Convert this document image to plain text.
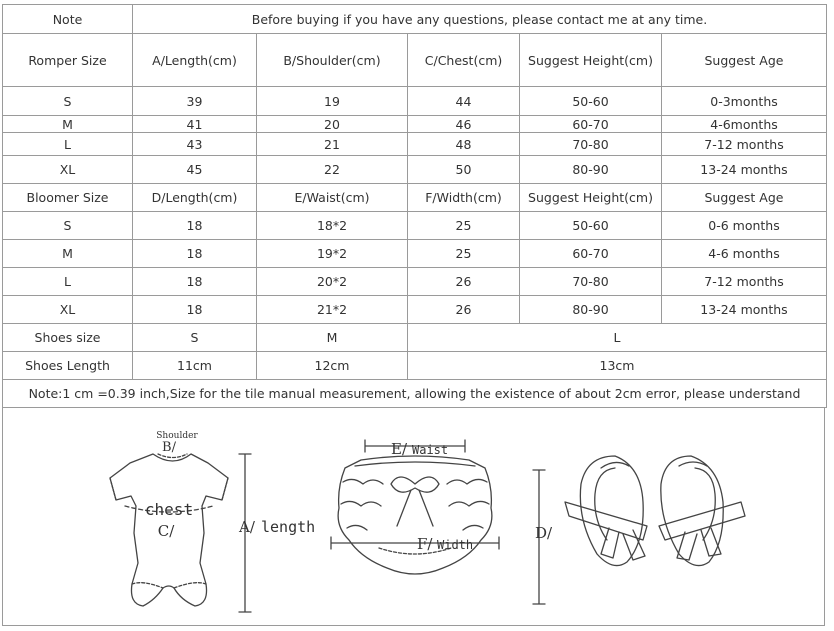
Note	Before buying if you have any questions, please contact me at any time.				
Romper Size	A/Length(cm)	B/Shoulder(cm)	C/Chest(cm)	Suggest Height(cm)	Suggest Age
S	39	19	44	50-60	0-3months
M	41	20	46	60-70	4-6months
L	43	21	48	70-80	7-12 months
XL	45	22	50	80-90	13-24 months
Bloomer Size	D/Length(cm)	E/Waist(cm)	F/Width(cm)	Suggest Height(cm)	Suggest Age
S	18	18*2	25	50-60	0-6 months
M	18	19*2	25	60-70	4-6 months
L	18	20*2	26	70-80	7-12 months
XL	18	21*2	26	80-90	13-24 months
Shoes size	S	M	L		
Shoes Length	11cm	12cm	13cm		
Note:1 cm =0.39 inch,Size for the tile manual measurement, allowing the existence of about 2cm error, please understand					
Shoulder
B/
chest
C/	A/ length
E/ Waist
F/ Width
D/
